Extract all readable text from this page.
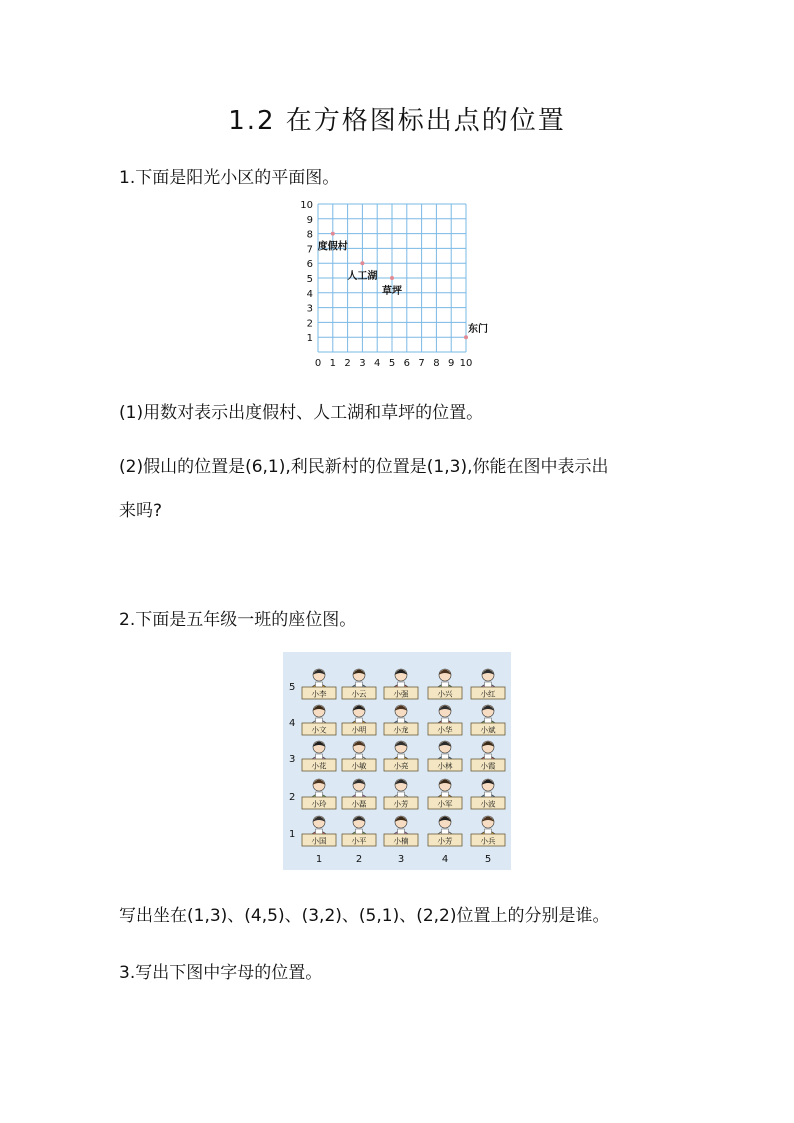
1.2 在方格图标出点的位置
1.下面是阳光小区的平面图。
0 1 2 3 4 5 6 7 8 9 10
1
2
3
4
5
6
7
8
9
10
度假村
人工湖
草坪
东门
(1)用数对表示出度假村、人工湖和草坪的位置。
(2)假山的位置是(6,1),利民新村的位置是(1,3),你能在图中表示出
来吗?
2.下面是五年级一班的座位图。
5
4
3
2
1
1	2	3	4	5
小李	小云	小强	小兴	小红
小文	小明	小龙	小华	小斌
小花	小敏	小亮	小林	小霞
小玲	小磊	小芳	小军	小波
小国	小平	小楠	小芳	小兵
写出坐在(1,3)、(4,5)、(3,2)、(5,1)、(2,2)位置上的分别是谁。
3.写出下图中字母的位置。
